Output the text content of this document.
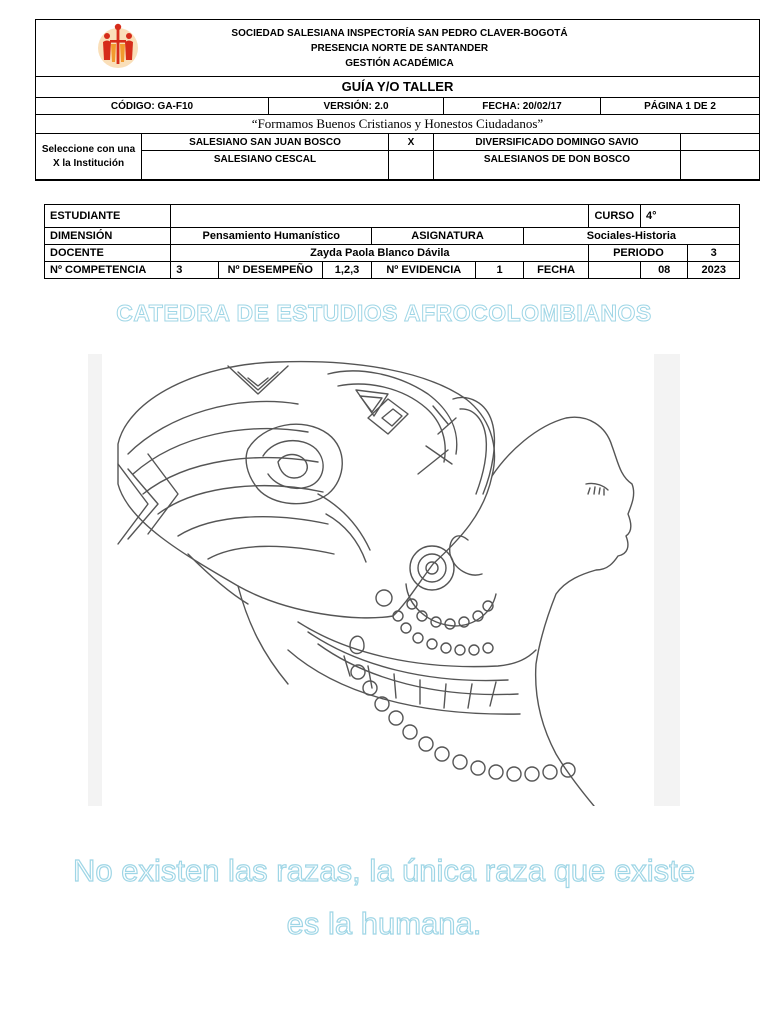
SOCIEDAD SALESIANA INSPECTORÍA SAN PEDRO CLAVER-BOGOTÁ
PRESENCIA NORTE DE SANTANDER
GESTIÓN ACADÉMICA
GUÍA Y/O TALLER
CÓDIGO: GA-F10	VERSIÓN: 2.0	FECHA: 20/02/17	PÁGINA 1 DE 2
“Formamos Buenos Cristianos y Honestos Ciudadanos”
Seleccione con una X la Institución	SALESIANO SAN JUAN BOSCO	X	DIVERSIFICADO DOMINGO SAVIO	
	SALESIANO CESCAL		SALESIANOS DE DON BOSCO	
ESTUDIANTE							CURSO	4°	
DIMENSIÓN	Pensamiento Humanístico			ASIGNATURA		Sociales-Historia			
DOCENTE	Zayda Paola Blanco Dávila						PERIODO		3
Nº COMPETENCIA	3	Nº DESEMPEÑO	1,2,3	Nº EVIDENCIA	1	FECHA		08	2023
CATEDRA DE ESTUDIOS AFROCOLOMBIANOS
No existen las razas, la única raza que existe
es la humana.
